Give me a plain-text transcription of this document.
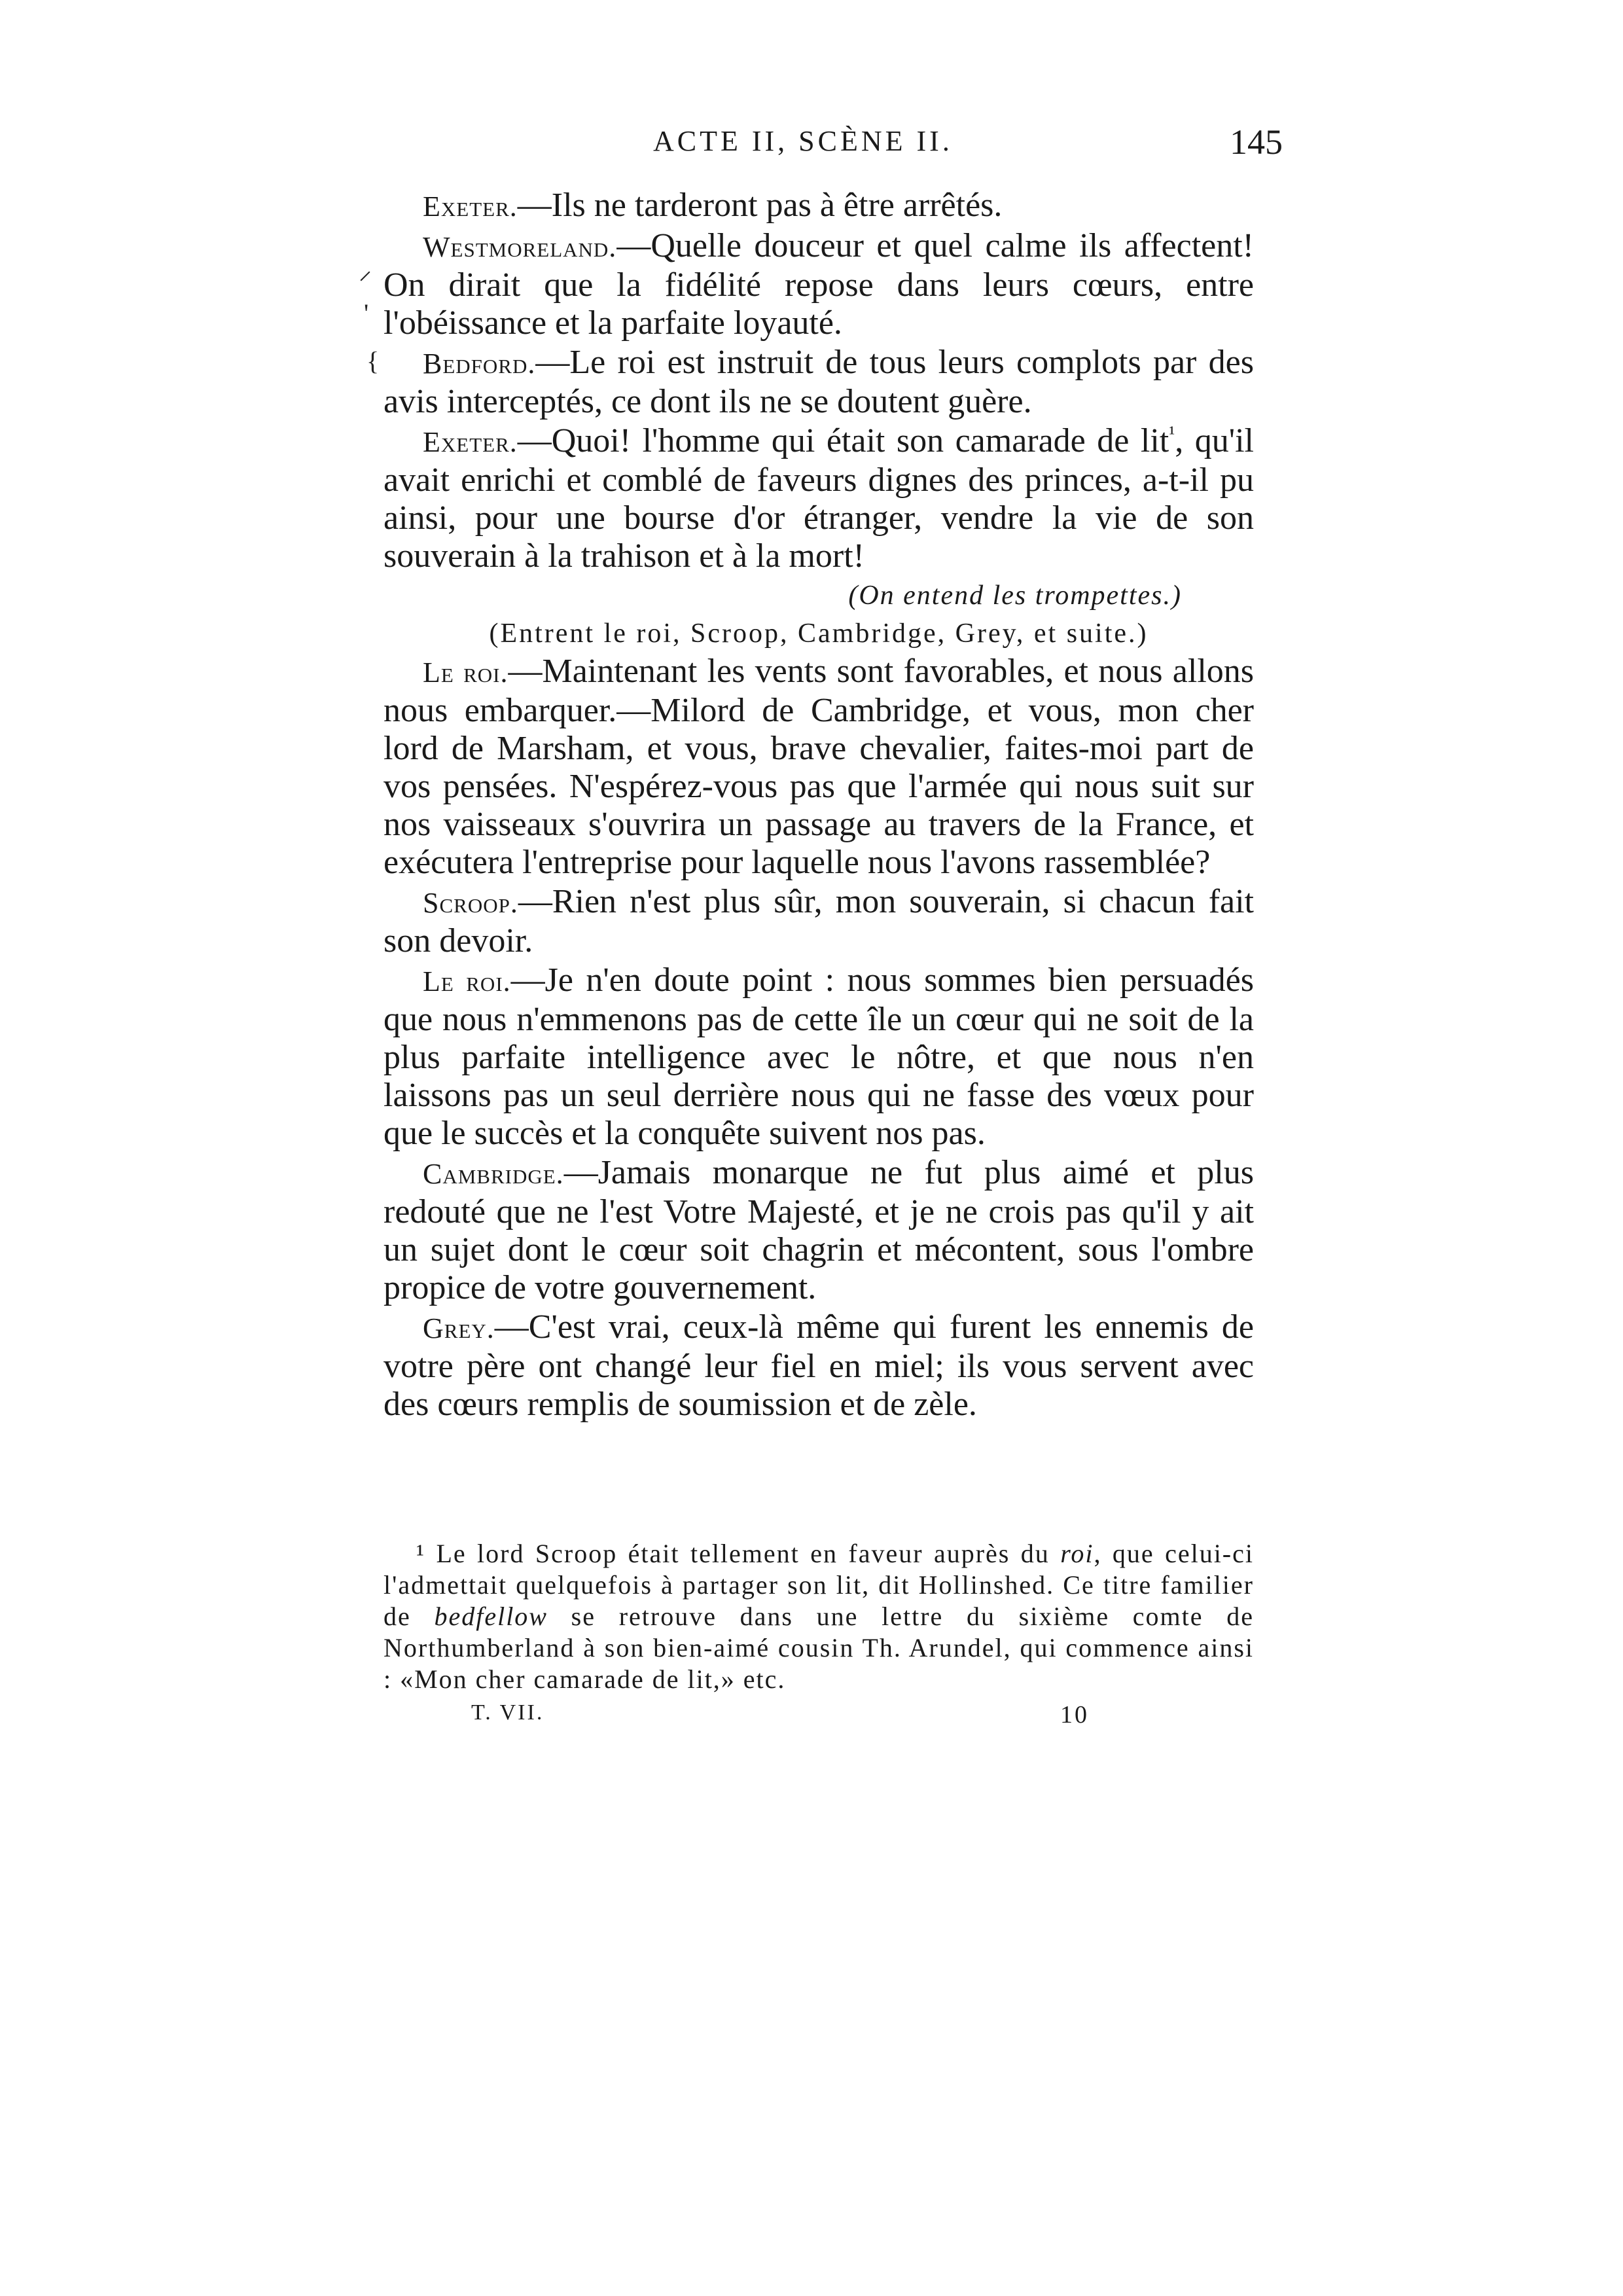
ACTE II, SCÈNE II.	145
⸍
'
{

Exeter.—Ils ne tarderont pas à être arrêtés.

Westmoreland.—Quelle douceur et quel calme ils affectent! On dirait que la fidélité repose dans leurs cœurs, entre l'obéissance et la parfaite loyauté.

Bedford.—Le roi est instruit de tous leurs complots par des avis interceptés, ce dont ils ne se doutent guère.

Exeter.—Quoi! l'homme qui était son camarade de lit$^{^1}$, qu'il avait enrichi et comblé de faveurs dignes des princes, a-t-il pu ainsi, pour une bourse d'or étranger, vendre la vie de son souverain à la trahison et à la mort!

(On entend les trompettes.)
(Entrent le roi, Scroop, Cambridge, Grey, et suite.)

Le roi.—Maintenant les vents sont favorables, et nous allons nous embarquer.—Milord de Cambridge, et vous, mon cher lord de Marsham, et vous, brave chevalier, faites-moi part de vos pensées. N'espérez-vous pas que l'armée qui nous suit sur nos vaisseaux s'ouvrira un passage au travers de la France, et exécutera l'entreprise pour laquelle nous l'avons rassemblée?

Scroop.—Rien n'est plus sûr, mon souverain, si chacun fait son devoir.

Le roi.—Je n'en doute point : nous sommes bien persuadés que nous n'emmenons pas de cette île un cœur qui ne soit de la plus parfaite intelligence avec le nôtre, et que nous n'en laissons pas un seul derrière nous qui ne fasse des vœux pour que le succès et la conquête suivent nos pas.

Cambridge.—Jamais monarque ne fut plus aimé et plus redouté que ne l'est Votre Majesté, et je ne crois pas qu'il y ait un sujet dont le cœur soit chagrin et mécontent, sous l'ombre propice de votre gouvernement.

Grey.—C'est vrai, ceux-là même qui furent les ennemis de votre père ont changé leur fiel en miel; ils vous servent avec des cœurs remplis de soumission et de zèle.

¹ Le lord Scroop était tellement en faveur auprès du roi, que celui-ci l'admettait quelquefois à partager son lit, dit Hollinshed. Ce titre familier de bedfellow se retrouve dans une lettre du sixième comte de Northumberland à son bien-aimé cousin Th. Arundel, qui commence ainsi : «Mon cher camarade de lit,» etc.
T. VII.	10
